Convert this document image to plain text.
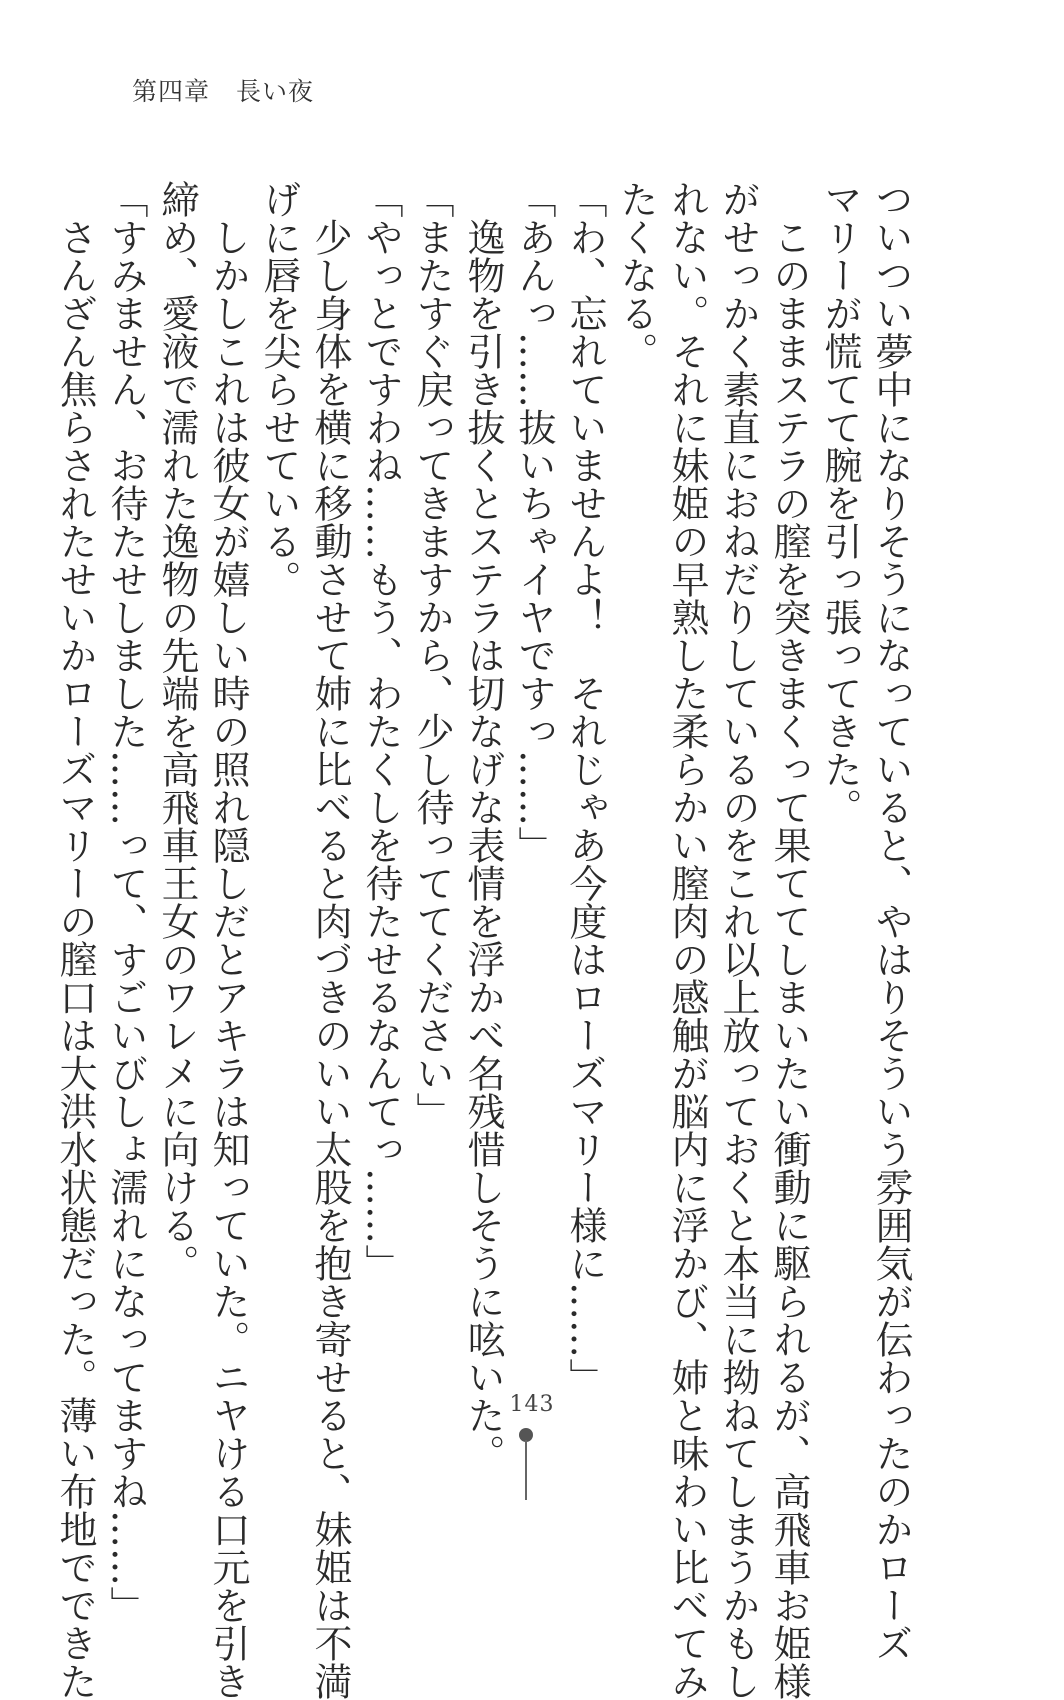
第四章　長い夜

ついつい夢中になりそうになっていると、やはりそういう雰囲気が伝わったのかローズ

マリーが慌てて腕を引っ張ってきた。

　このままステラの膣を突きまくって果ててしまいたい衝動に駆られるが、高飛車お姫様

がせっかく素直におねだりしているのをこれ以上放っておくと本当に拗ねてしまうかもし

れない。それに妹姫の早熟した柔らかい膣肉の感触が脳内に浮かび、姉と味わい比べてみ

たくなる。

「わ、忘れていませんよ！　それじゃあ今度はローズマリー様に……」

「あんっ……抜いちゃイヤですっ……」

　逸物を引き抜くとステラは切なげな表情を浮かべ名残惜しそうに呟いた。

「またすぐ戻ってきますから、少し待っててください」

「やっとですわね……もう、わたくしを待たせるなんてっ……」

　少し身体を横に移動させて姉に比べると肉づきのいい太股を抱き寄せると、妹姫は不満

げに唇を尖らせている。

　しかしこれは彼女が嬉しい時の照れ隠しだとアキラは知っていた。ニヤける口元を引き

締め、愛液で濡れた逸物の先端を高飛車王女のワレメに向ける。

「すみません、お待たせしました……って、すごいびしょ濡れになってますね……」

　さんざん焦らされたせいかローズマリーの膣口は大洪水状態だった。薄い布地でできた	143
